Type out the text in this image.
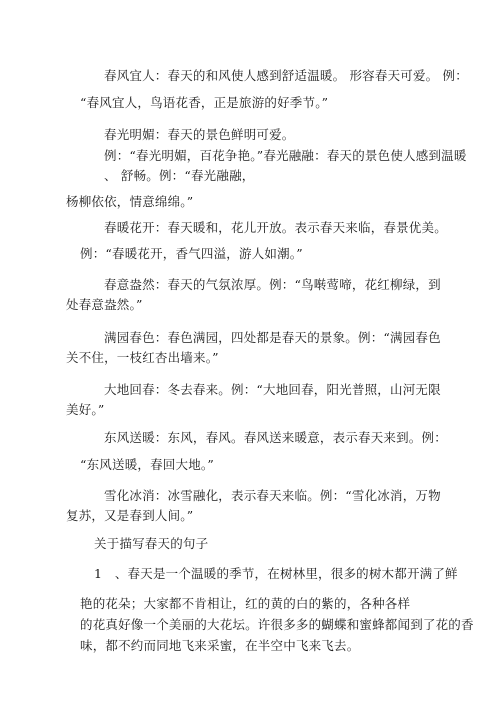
春风宜人：春天的和风使人感到舒适温暖。 形容春天可爱。 例：
“春风宜人，鸟语花香，正是旅游的好季节。”
春光明媚：春天的景色鲜明可爱。
例：“春光明媚，百花争艳。”春光融融：春天的景色使人感到温暖
、 舒畅。例：“春光融融，
杨柳依依，情意绵绵。”
春暖花开：春天暖和，花儿开放。表示春天来临，春景优美。
例：“春暖花开，香气四溢，游人如潮。”
春意盎然：春天的气氛浓厚。例：“鸟啭莺啼，花红柳绿，到
处春意盎然。”
满园春色：春色满园，四处都是春天的景象。例：“满园春色
关不住，一枝红杏出墙来。”
大地回春：冬去春来。例：“大地回春，阳光普照，山河无限
美好。”
东风送暖：东风，春风。春风送来暖意，表示春天来到。例：
“东风送暖，春回大地。”
雪化冰消：冰雪融化，表示春天来临。例：“雪化冰消，万物
复苏，又是春到人间。”
关于描写春天的句子
1　、春天是一个温暖的季节，在树林里，很多的树木都开满了鲜
艳的花朵；大家都不肯相让，红的黄的白的紫的，各种各样
的花真好像一个美丽的大花坛。许很多多的蝴蝶和蜜蜂都闻到了花的香
味，都不约而同地飞来采蜜，在半空中飞来飞去。
